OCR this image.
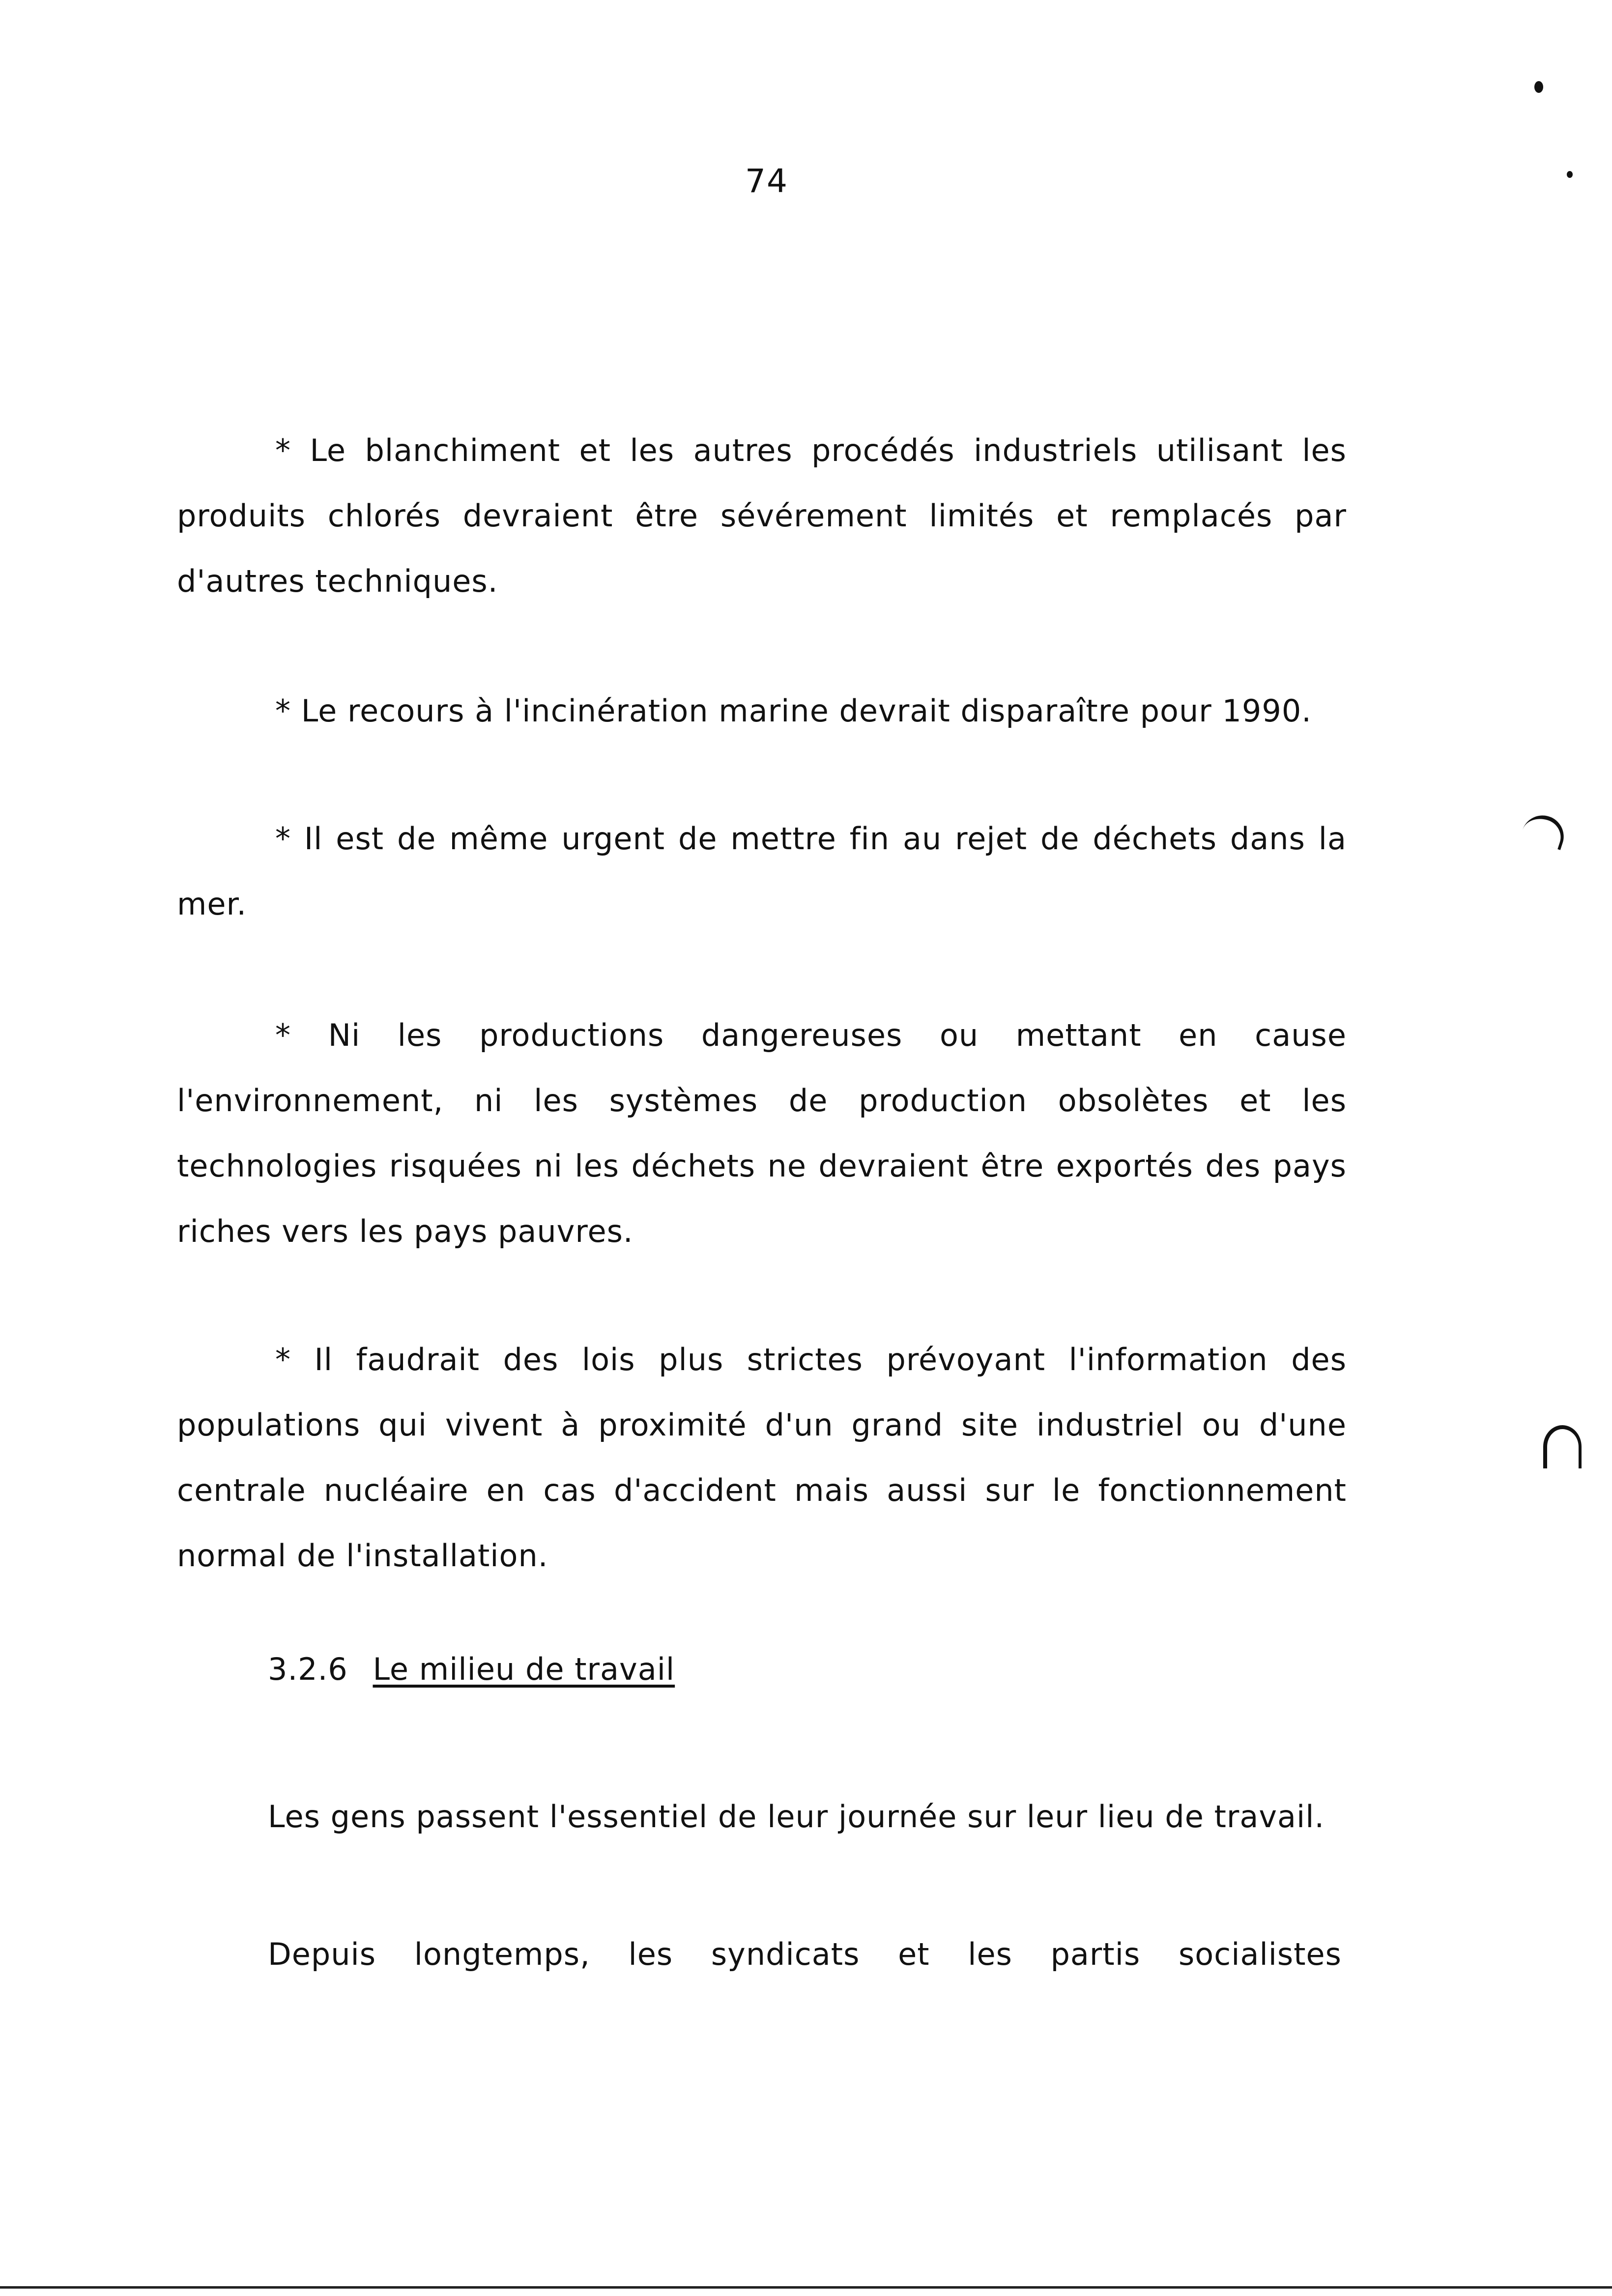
74

* Le blanchiment et les autres procédés industriels utilisant les produits chlorés devraient être sévérement limités et remplacés par d'autres techniques.

* Le recours à l'incinération marine devrait disparaître pour 1990.

* Il est de même urgent de mettre fin au rejet de déchets dans la mer.

* Ni les productions dangereuses ou mettant en cause l'environnement, ni les systèmes de production obsolètes et les technologies risquées ni les déchets ne devraient être exportés des pays riches vers les pays pauvres.

* Il faudrait des lois plus strictes prévoyant l'information des populations qui vivent à proximité d'un grand site industriel ou d'une centrale nucléaire en cas d'accident mais aussi sur le fonctionnement normal de l'installation.

3.2.6 Le milieu de travail

Les gens passent l'essentiel de leur journée sur leur lieu de travail.

Depuis longtemps, les syndicats et les partis socialistes
